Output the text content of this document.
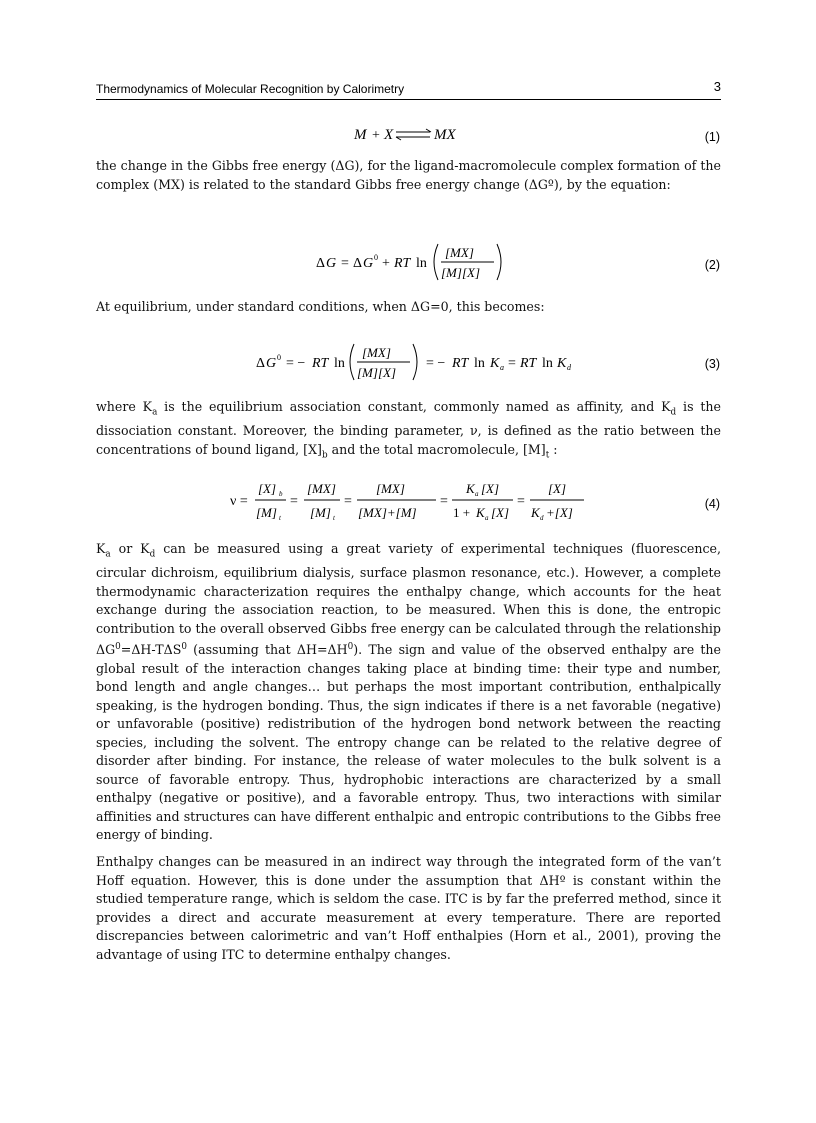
Thermodynamics of Molecular Recognition by Calorimetry	3
M + X	MX	(1)
the change in the Gibbs free energy (ΔG), for the ligand-macromolecule complex formation of the complex (MX) is related to the standard Gibbs free energy change (ΔGº), by the equation:
Δ G = Δ G 0 + RT ln
[MX]
[M][X]	(2)
At equilibrium, under standard conditions, when ΔG=0, this becomes:
Δ G 0 = − RT ln
[MX]
[M][X]
= − RT ln K a = RT ln K d	(3)
where $K_a$ is the equilibrium association constant, commonly named as affinity, and $K_d$ is the dissociation constant. Moreover, the binding parameter, ν, is defined as the ratio between the concentrations of bound ligand, $[X]_b$ and the total macromolecule, $[M]_t$ :
ν =
[X] b
[M] t
=
[MX]
[M] t
=
[MX]
[MX]+[M]
=
K a [X]
1 + K a [X]
=
[X]
K d +[X]
(4)
$K_a$ or $K_d$ can be measured using a great variety of experimental techniques (fluorescence, circular dichroism, equilibrium dialysis, surface plasmon resonance, etc.). However, a complete thermodynamic characterization requires the enthalpy change, which accounts for the heat exchange during the association reaction, to be measured. When this is done, the entropic contribution to the overall observed Gibbs free energy can be calculated through the relationship $\Delta G^0=\Delta H-T\Delta S^0$ (assuming that $\Delta H=\Delta H^0$). The sign and value of the observed enthalpy are the global result of the interaction changes taking place at binding time: their type and number, bond length and angle changes… but perhaps the most important contribution, enthalpically speaking, is the hydrogen bonding. Thus, the sign indicates if there is a net favorable (negative) or unfavorable (positive) redistribution of the hydrogen bond network between the reacting species, including the solvent. The entropy change can be related to the relative degree of disorder after binding. For instance, the release of water molecules to the bulk solvent is a source of favorable entropy. Thus, hydrophobic interactions are characterized by a small enthalpy (negative or positive), and a favorable entropy. Thus, two interactions with similar affinities and structures can have different enthalpic and entropic contributions to the Gibbs free energy of binding.
Enthalpy changes can be measured in an indirect way through the integrated form of the van’t Hoff equation. However, this is done under the assumption that ΔHº is constant within the studied temperature range, which is seldom the case. ITC is by far the preferred method, since it provides a direct and accurate measurement at every temperature. There are reported discrepancies between calorimetric and van’t Hoff enthalpies (Horn et al., 2001), proving the advantage of using ITC to determine enthalpy changes.
